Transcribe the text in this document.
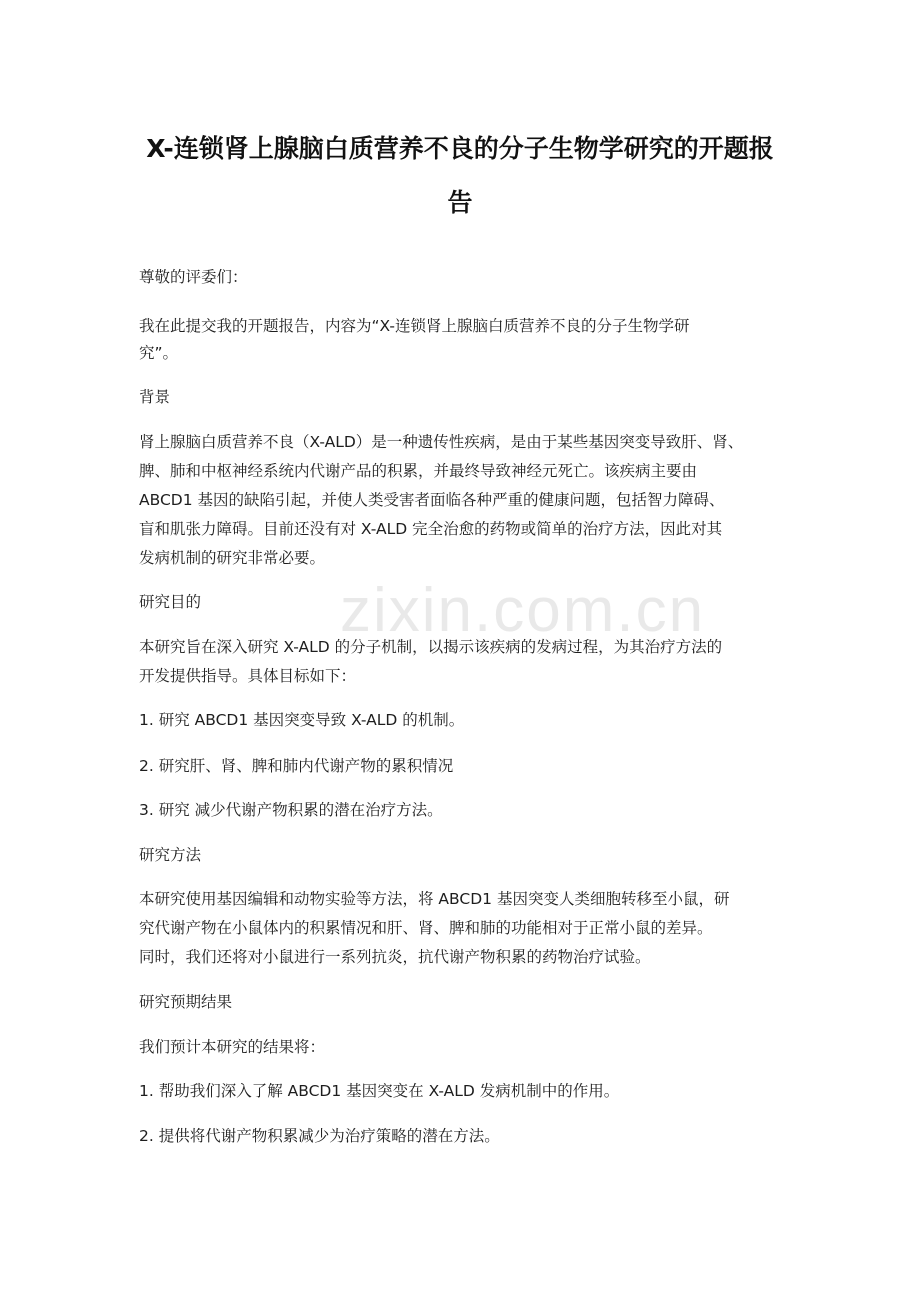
zixin.com.cn
X-连锁肾上腺脑白质营养不良的分子生物学研究的开题报
告
尊敬的评委们：
我在此提交我的开题报告，内容为“X-连锁肾上腺脑白质营养不良的分子生物学研
究”。
背景
肾上腺脑白质营养不良（X-ALD）是一种遗传性疾病，是由于某些基因突变导致肝、肾、
脾、肺和中枢神经系统内代谢产品的积累，并最终导致神经元死亡。该疾病主要由
ABCD1 基因的缺陷引起，并使人类受害者面临各种严重的健康问题，包括智力障碍、
盲和肌张力障碍。目前还没有对 X-ALD 完全治愈的药物或简单的治疗方法，因此对其
发病机制的研究非常必要。
研究目的
本研究旨在深入研究 X-ALD 的分子机制，以揭示该疾病的发病过程，为其治疗方法的
开发提供指导。具体目标如下：
1. 研究 ABCD1 基因突变导致 X-ALD 的机制。
2. 研究肝、肾、脾和肺内代谢产物的累积情况
3. 研究 减少代谢产物积累的潜在治疗方法。
研究方法
本研究使用基因编辑和动物实验等方法，将 ABCD1 基因突变人类细胞转移至小鼠，研
究代谢产物在小鼠体内的积累情况和肝、肾、脾和肺的功能相对于正常小鼠的差异。
同时，我们还将对小鼠进行一系列抗炎，抗代谢产物积累的药物治疗试验。
研究预期结果
我们预计本研究的结果将：
1. 帮助我们深入了解 ABCD1 基因突变在 X-ALD 发病机制中的作用。
2. 提供将代谢产物积累减少为治疗策略的潜在方法。
